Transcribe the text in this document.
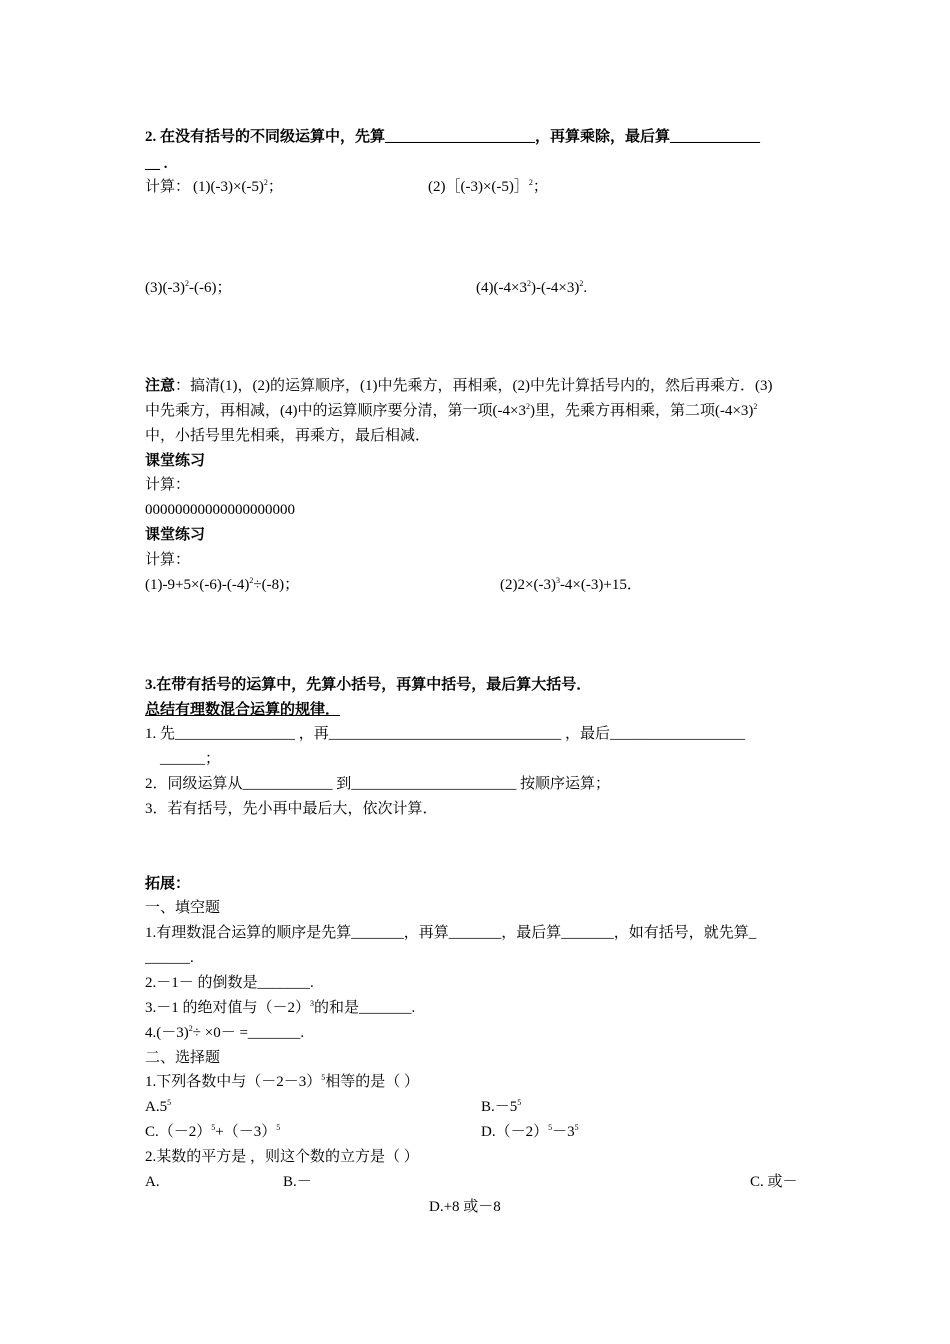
2. 在没有括号的不同级运算中，先算____________________，再算乘除，最后算____________
__ .
计算： $(1)(-3)\times(-5)^2$；	(2)［(-3)×(-5)］$^2$；
$(3)(-3)^2-(-6)$；	$(4)(-4\times 3^2)-(-4\times 3)^2$.
注意：搞清(1)，(2)的运算顺序，(1)中先乘方，再相乘，(2)中先计算括号内的，然后再乘方．(3)
中先乘方，再相减，(4)中的运算顺序要分清，第一项$(-4\times 3^2)$里，先乘方再相乘，第二项$(-4\times 3)^2$
中，小括号里先相乘，再乘方，最后相减．
课堂练习
计算：
00000000000000000000
课堂练习
计算：
$(1)-9+5\times(-6)-(-4)^2\div(-8)$；	$(2)2\times(-3)^3-4\times(-3)+15$．
3.在带有括号的运算中，先算小括号，再算中括号，最后算大括号．
总结有理数混合运算的规律．
1. 先________________ ，再_______________________________ ，最后__________________
______；
2．同级运算从____________ 到______________________ 按顺序运算；
3．若有括号，先小再中最后大，依次计算．
拓展：
一、填空题
1.有理数混合运算的顺序是先算_______，再算_______，最后算_______，如有括号，就先算_
______.
2.－1－ 的倒数是_______.
3.－1 的绝对值与$(-2)^3$的和是_______.
$4.(-3)^2\div \times 0-$ =_______.
二、选择题
1.下列各数中与$(-2-3)^5$相等的是（ ）
$A.5^5$	$B.-5^5$
$C.(-2)^5+(-3)^5$	$D.(-2)^5-3^5$
2.某数的平方是 ，则这个数的立方是（ ）
A.	B.－	C. 或－
D.+8 或－8
